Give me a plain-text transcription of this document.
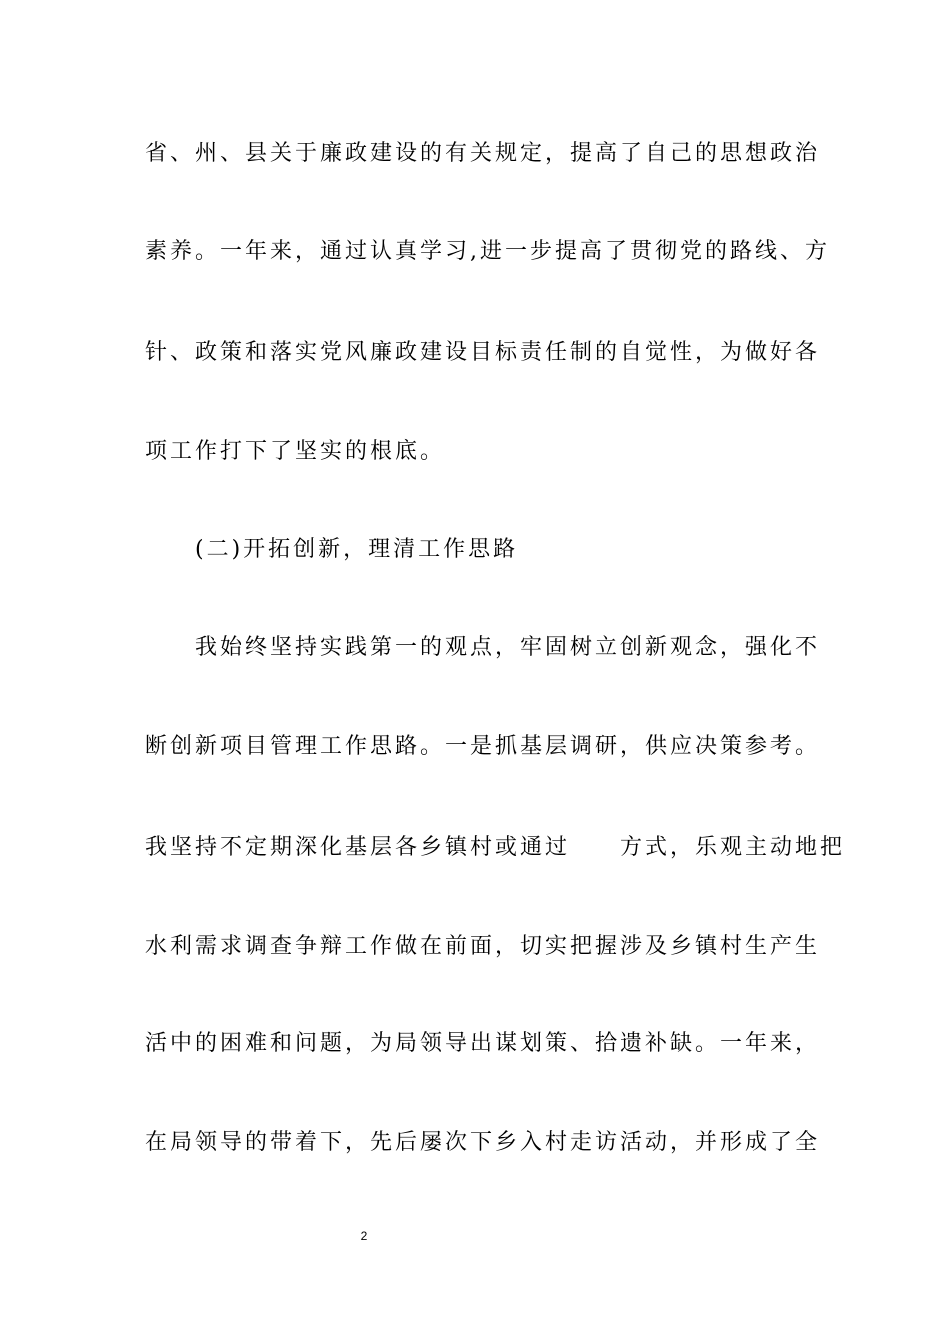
省、州、县关于廉政建设的有关规定，提高了自己的思想政治
素养。一年来，通过认真学习,进一步提高了贯彻党的路线、方
针、政策和落实党风廉政建设目标责任制的自觉性，为做好各
项工作打下了坚实的根底。
(二)开拓创新，理清工作思路
我始终坚持实践第一的观点，牢固树立创新观念，强化不
断创新项目管理工作思路。一是抓基层调研，供应决策参考。
我坚持不定期深化基层各乡镇村或通过　　方式，乐观主动地把
水利需求调查争辩工作做在前面，切实把握涉及乡镇村生产生
活中的困难和问题，为局领导出谋划策、拾遗补缺。一年来，
在局领导的带着下，先后屡次下乡入村走访活动，并形成了全
2
